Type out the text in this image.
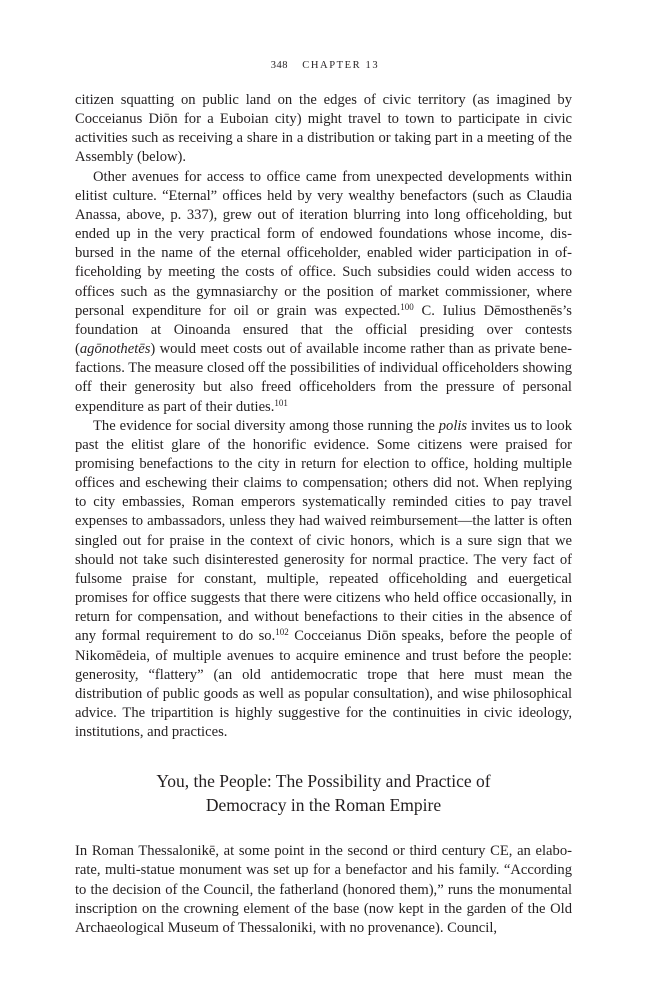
348 CHAPTER 13

citizen squatting on public land on the edges of civic territory (as imagined by Cocceianus Diōn for a Euboian city) might travel to town to participate in civic activities such as receiving a share in a distribution or taking part in a meeting of the Assembly (below).

Other avenues for access to office came from unexpected developments within elitist culture. “Eternal” offices held by very wealthy benefactors (such as Claudia Anassa, above, p. 337), grew out of iteration blurring into long officeholding, but ended up in the very practical form of endowed foundations whose income, disbursed in the name of the eternal officeholder, enabled wider participation in officeholding by meeting the costs of office. Such subsidies could widen access to offices such as the gymnasiarchy or the position of market commissioner, where personal expenditure for oil or grain was expected.$^{100}$ C. Iulius Dēmosthenēs’s foundation at Oinoanda ensured that the official presiding over contests (agōnothetēs) would meet costs out of available income rather than as private benefactions. The measure closed off the possibilities of individual officeholders showing off their generosity but also freed officeholders from the pressure of personal expenditure as part of their duties.$^{101}$

The evidence for social diversity among those running the polis invites us to look past the elitist glare of the honorific evidence. Some citizens were praised for promising benefactions to the city in return for election to office, holding multiple offices and eschewing their claims to compensation; others did not. When replying to city embassies, Roman emperors systematically reminded cities to pay travel expenses to ambassadors, unless they had waived reimbursement—the latter is often singled out for praise in the context of civic honors, which is a sure sign that we should not take such disinterested generosity for normal practice. The very fact of fulsome praise for constant, multiple, repeated officeholding and euergetical promises for office suggests that there were citizens who held office occasionally, in return for compensation, and without benefactions to their cities in the absence of any formal requirement to do so.$^{102}$ Cocceianus Diōn speaks, before the people of Nikomēdeia, of multiple avenues to acquire eminence and trust before the people: generosity, “flattery” (an old antidemocratic trope that here must mean the distribution of public goods as well as popular consultation), and wise philosophical advice. The tripartition is highly suggestive for the continuities in civic ideology, institutions, and practices.

You, the People: The Possibility and Practice of
Democracy in the Roman Empire

In Roman Thessalonikē, at some point in the second or third century CE, an elaborate, multi-statue monument was set up for a benefactor and his family. “According to the decision of the Council, the fatherland (honored them),” runs the monumental inscription on the crowning element of the base (now kept in the garden of the Old Archaeological Museum of Thessaloniki, with no provenance). Council,
